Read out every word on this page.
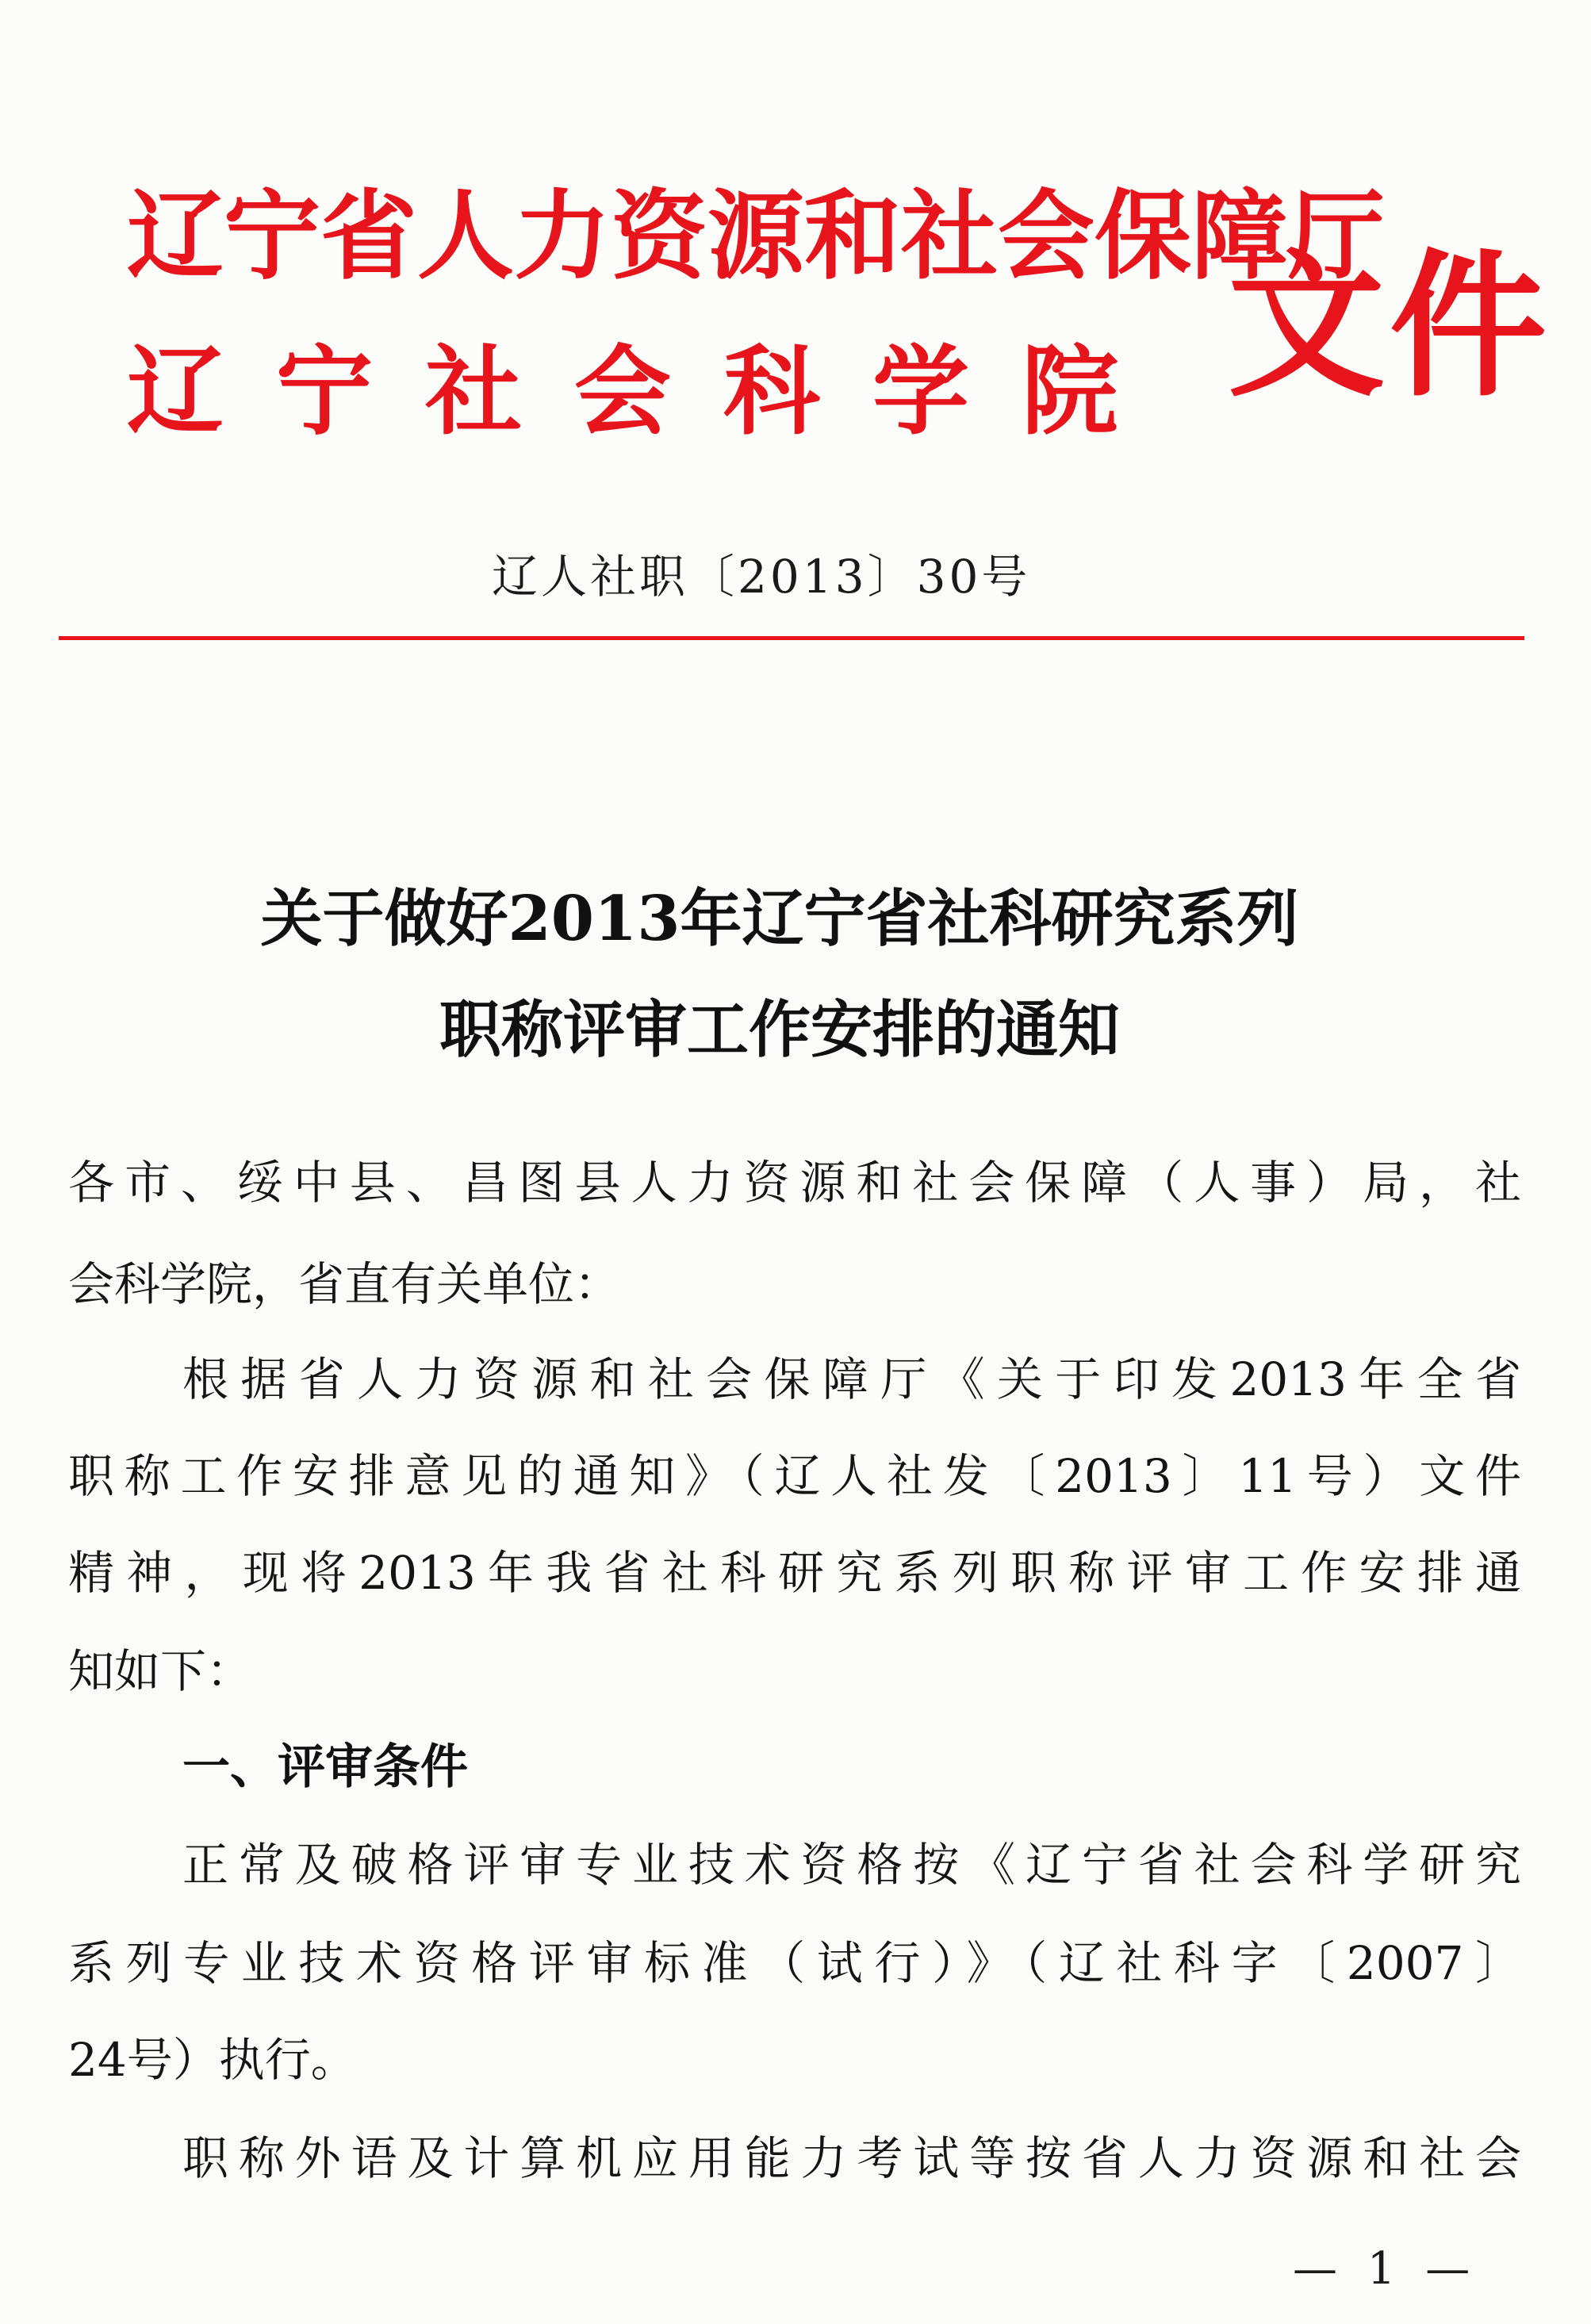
辽宁省人力资源和社会保障厅
辽宁社会科学院 文件
辽人社职〔2013〕30号
关于做好2013年辽宁省社科研究系列
职称评审工作安排的通知
各市、绥中县、昌图县人力资源和社会保障（人事）局，社
会科学院，省直有关单位：
根据省人力资源和社会保障厅《关于印发2013年全省
职称工作安排意见的通知》（辽人社发〔2013〕11号）文件
精神，现将2013年我省社科研究系列职称评审工作安排通
知如下：
一、评审条件
正常及破格评审专业技术资格按《辽宁省社会科学研究
系列专业技术资格评审标准（试行）》（辽社科字〔2007〕
24号）执行。
职称外语及计算机应用能力考试等按省人力资源和社会
— 1 —
